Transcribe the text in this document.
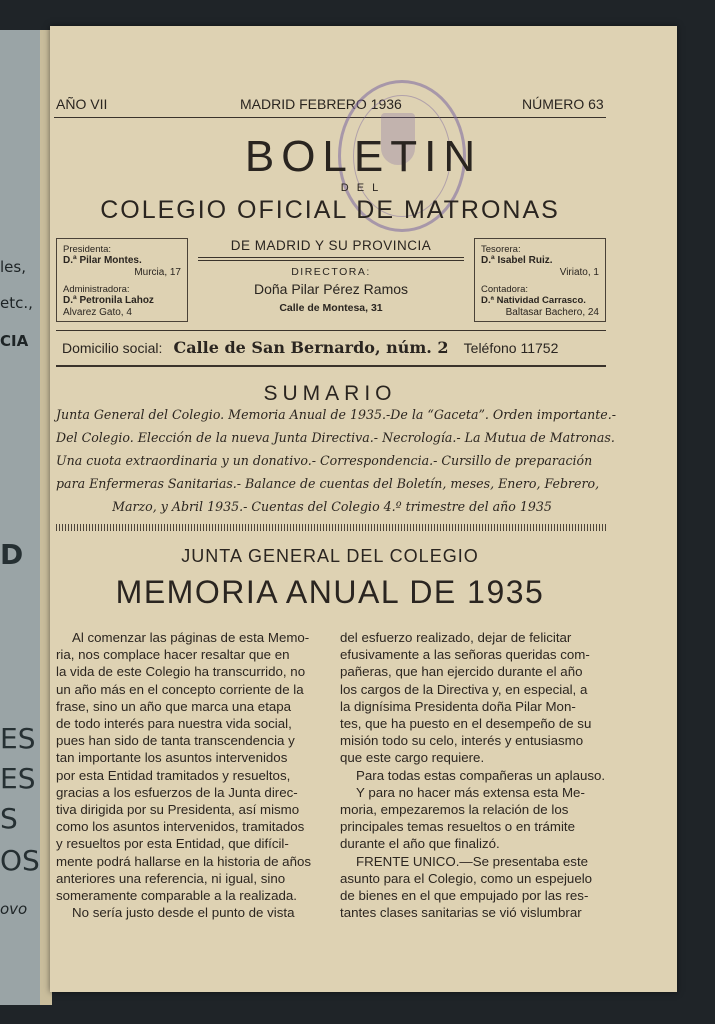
les,
etc.,
CIA
D
ES
ES
S
OS
ovo
AÑO VII	MADRID FEBRERO 1936	NÚMERO 63
BOLETIN
DEL
COLEGIO OFICIAL DE MATRONAS
Presidenta:
D.ª Pilar Montes.
Murcia, 17
Administradora:
D.ª Petronila Lahoz
Alvarez Gato, 4
DE MADRID Y SU PROVINCIA
DIRECTORA:
Doña Pilar Pérez Ramos
Calle de Montesa, 31
Tesorera:
D.ª Isabel Ruiz.
Viriato, 1
Contadora:
D.ª Natividad Carrasco.
Baltasar Bachero, 24
Domicilio social: Calle de San Bernardo, núm. 2 Teléfono 11752
SUMARIO
Junta General del Colegio. Memoria Anual de 1935.-De la “Gaceta”. Orden importante.-
Del Colegio. Elección de la nueva Junta Directiva.- Necrología.- La Mutua de Matronas.
Una cuota extraordinaria y un donativo.- Correspondencia.- Cursillo de preparación
para Enfermeras Sanitarias.- Balance de cuentas del Boletín, meses, Enero, Febrero,
Marzo, y Abril 1935.- Cuentas del Colegio 4.º trimestre del año 1935
JUNTA GENERAL DEL COLEGIO
MEMORIA ANUAL DE 1935

Al comenzar las páginas de esta Memo-

ria, nos complace hacer resaltar que en

la vida de este Colegio ha transcurrido, no

un año más en el concepto corriente de la

frase, sino un año que marca una etapa

de todo interés para nuestra vida social,

pues han sido de tanta transcendencia y

tan importante los asuntos intervenidos

por esta Entidad tramitados y resueltos,

gracias a los esfuerzos de la Junta direc-

tiva dirigida por su Presidenta, así mismo

como los asuntos intervenidos, tramitados

y resueltos por esta Entidad, que difícil-

mente podrá hallarse en la historia de años

anteriores una referencia, ni igual, sino

someramente comparable a la realizada.

No sería justo desde el punto de vista

del esfuerzo realizado, dejar de felicitar

efusivamente a las señoras queridas com-

pañeras, que han ejercido durante el año

los cargos de la Directiva y, en especial, a

la dignísima Presidenta doña Pilar Mon-

tes, que ha puesto en el desempeño de su

misión todo su celo, interés y entusiasmo

que este cargo requiere.

Para todas estas compañeras un aplauso.

Y para no hacer más extensa esta Me-

moria, empezaremos la relación de los

principales temas resueltos o en trámite

durante el año que finalizó.

FRENTE UNICO.—Se presentaba este

asunto para el Colegio, como un espejuelo

de bienes en el que empujado por las res-

tantes clases sanitarias se vió vislumbrar
